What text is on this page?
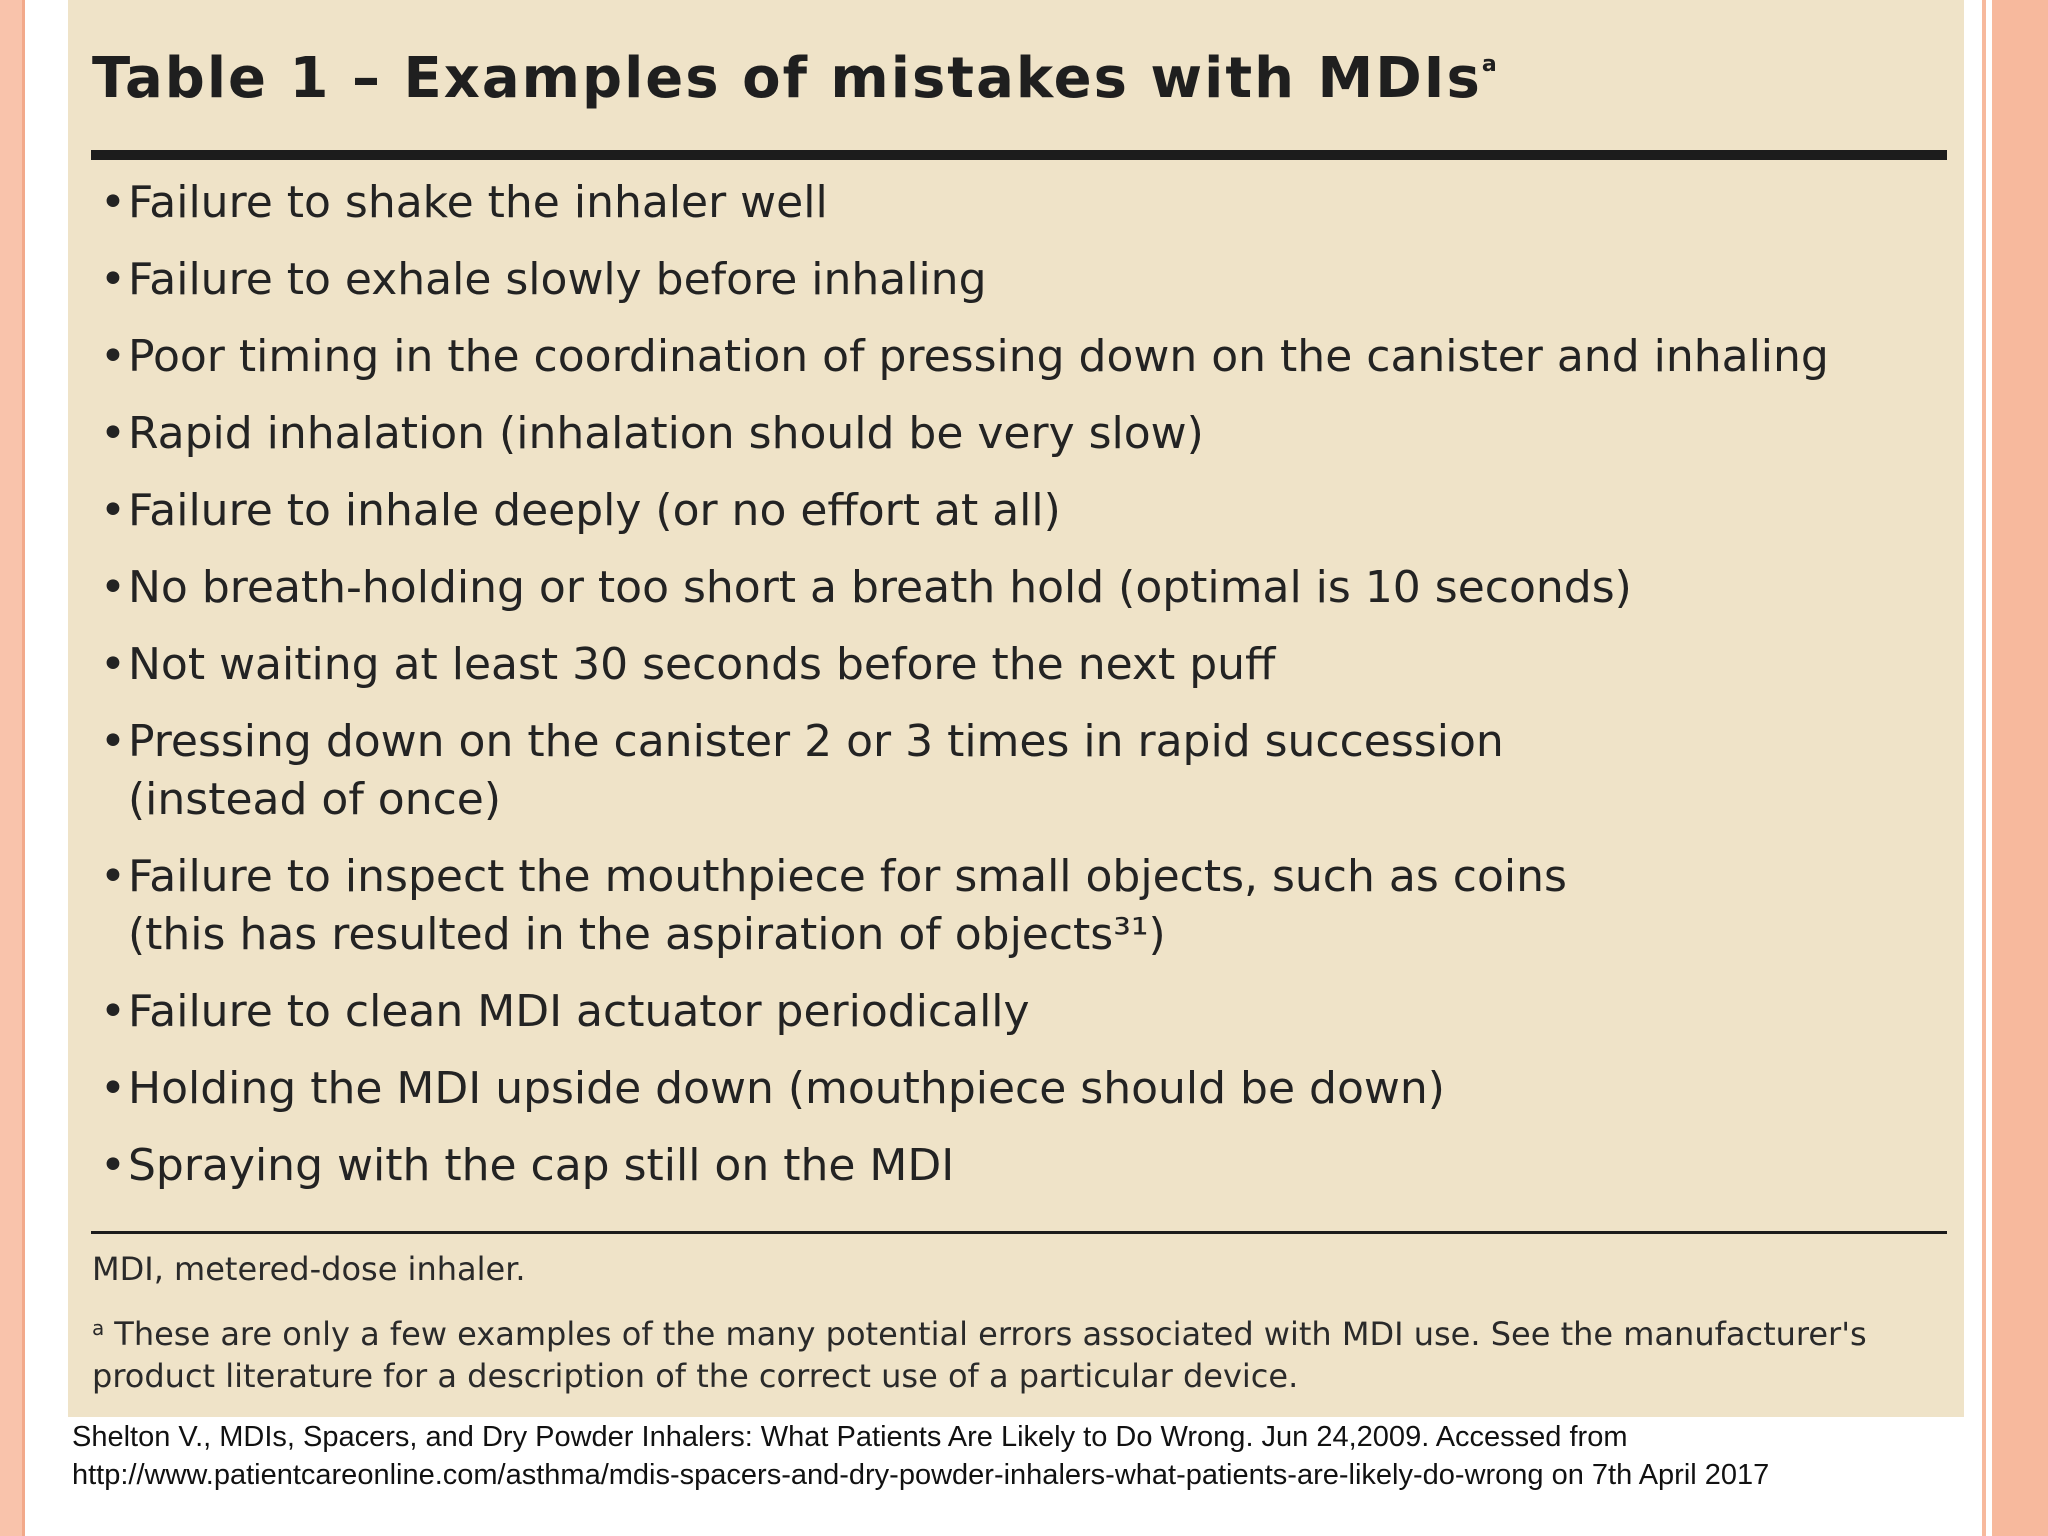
Table 1 – Examples of mistakes with MDIs$^a$
• Failure to shake the inhaler well
• Failure to exhale slowly before inhaling
• Poor timing in the coordination of pressing down on the canister and inhaling
• Rapid inhalation (inhalation should be very slow)
• Failure to inhale deeply (or no effort at all)
• No breath-holding or too short a breath hold (optimal is 10 seconds)
• Not waiting at least 30 seconds before the next puff
• Pressing down on the canister 2 or 3 times in rapid succession
(instead of once)
• Failure to inspect the mouthpiece for small objects, such as coins
(this has resulted in the aspiration of objects³¹)
• Failure to clean MDI actuator periodically
• Holding the MDI upside down (mouthpiece should be down)
• Spraying with the cap still on the MDI

MDI, metered-dose inhaler.

$^a$ These are only a few examples of the many potential errors associated with MDI use. See the manufacturer's product literature for a description of the correct use of a particular device.

Shelton V., MDIs, Spacers, and Dry Powder Inhalers: What Patients Are Likely to Do Wrong. Jun 24,2009. Accessed from
http://www.patientcareonline.com/asthma/mdis-spacers-and-dry-powder-inhalers-what-patients-are-likely-do-wrong on 7th April 2017
